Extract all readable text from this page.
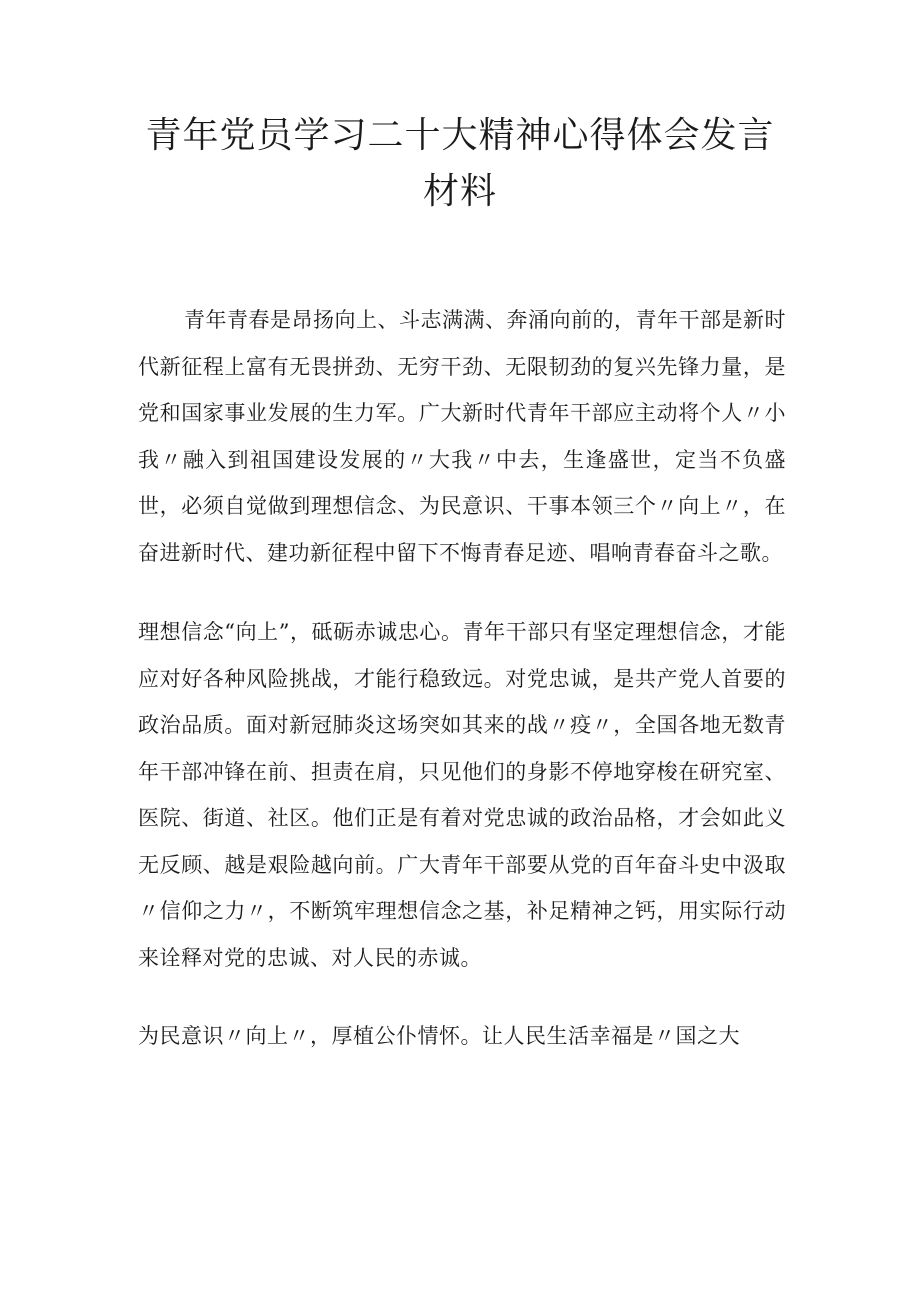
青年党员学习二十大精神心得体会发言
材料

青年青春是昂扬向上、斗志满满、奔涌向前的，青年干部是新时代新征程上富有无畏拼劲、无穷干劲、无限韧劲的复兴先锋力量，是党和国家事业发展的生力军。广大新时代青年干部应主动将个人〃小我〃融入到祖国建设发展的〃大我〃中去，生逢盛世，定当不负盛世，必须自觉做到理想信念、为民意识、干事本领三个〃向上〃，在奋进新时代、建功新征程中留下不悔青春足迹、唱响青春奋斗之歌。

理想信念“向上”，砥砺赤诚忠心。青年干部只有坚定理想信念，才能应对好各种风险挑战，才能行稳致远。对党忠诚，是共产党人首要的政治品质。面对新冠肺炎这场突如其来的战〃疫〃，全国各地无数青年干部冲锋在前、担责在肩，只见他们的身影不停地穿梭在研究室、医院、街道、社区。他们正是有着对党忠诚的政治品格，才会如此义无反顾、越是艰险越向前。广大青年干部要从党的百年奋斗史中汲取〃信仰之力〃，不断筑牢理想信念之基，补足精神之钙，用实际行动来诠释对党的忠诚、对人民的赤诚。

为民意识〃向上〃，厚植公仆情怀。让人民生活幸福是〃国之大
